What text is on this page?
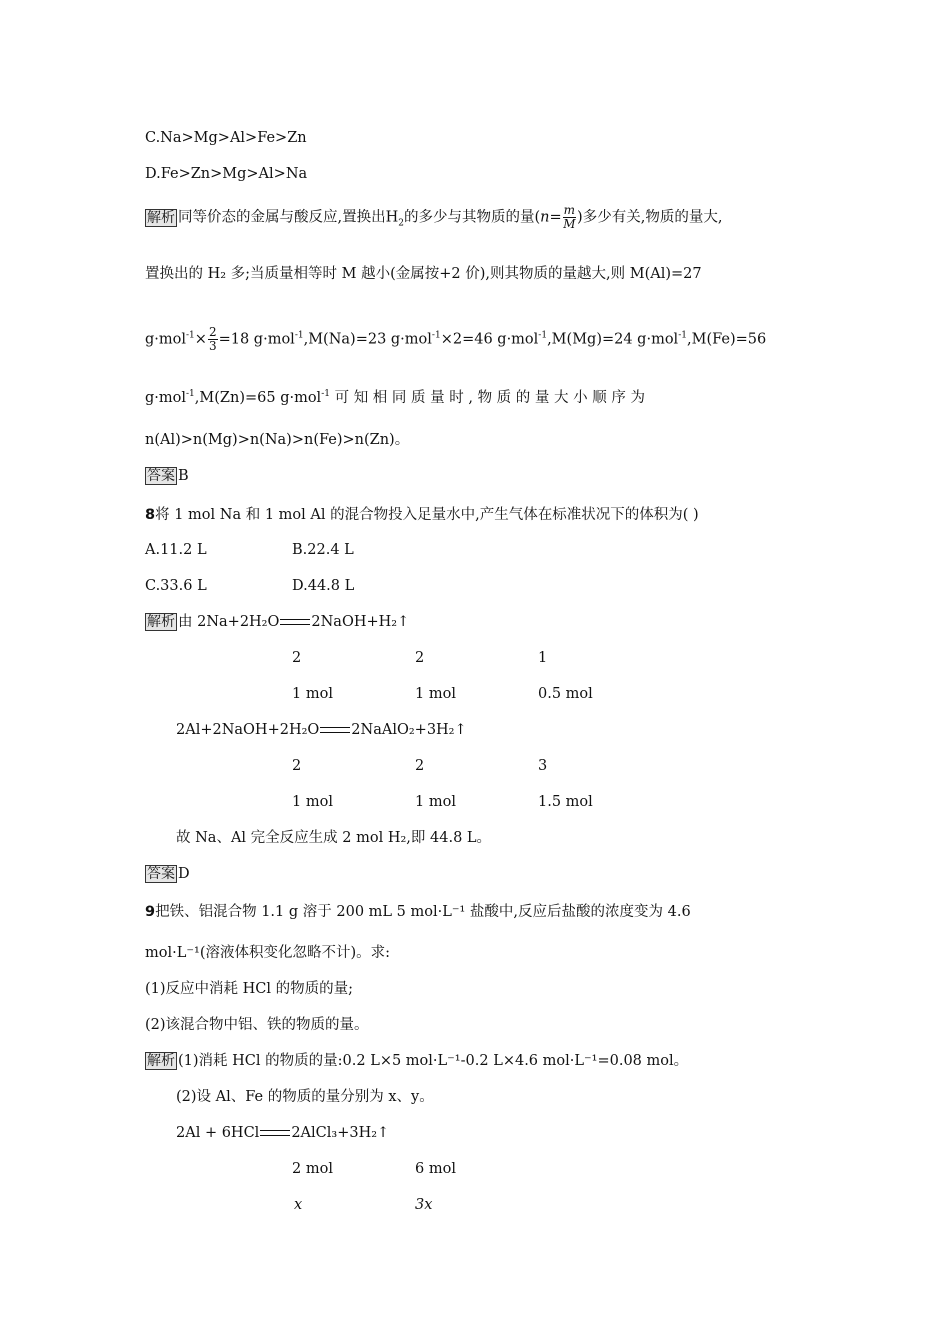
C.Na>Mg>Al>Fe>Zn
D.Fe>Zn>Mg>Al>Na
解析 同等价态的金属与酸反应,置换出$H_2$的多少与其物质的量($n= \frac{m}{M}$ )多少有关,物质的量大,
置换出的 H₂ 多;当质量相等时 M 越小(金属按+2 价),则其物质的量越大,则 M(Al)=27
$g\cdot mol^{-1}\times \frac{2}{3} =18$ g·mol$^{-1}$,M(Na)=23 g·mol$^{-1}$×2=46 g·mol$^{-1}$,M(Mg)=24 g·mol$^{-1}$,M(Fe)=56
g·mol$^{-1}$,M(Zn)=65 g·mol$^{-1}$ 可 知 相 同 质 量 时 , 物 质 的 量 大 小 顺 序 为
n(Al)>n(Mg)>n(Na)>n(Fe)>n(Zn)。
答案 B
8将 1 mol Na 和 1 mol Al 的混合物投入足量水中,产生气体在标准状况下的体积为( )
A.11.2 L	B.22.4 L
C.33.6 L	D.44.8 L
解析 由 2Na+2H₂O 2NaOH+H₂↑
2	2	1
1 mol	1 mol	0.5 mol
2Al+2NaOH+2H₂O 2NaAlO₂+3H₂↑
2	2	3
1 mol	1 mol	1.5 mol
故 Na、Al 完全反应生成 2 mol H₂,即 44.8 L。
答案 D
9把铁、铝混合物 1.1 g 溶于 200 mL 5 mol·L⁻¹ 盐酸中,反应后盐酸的浓度变为 4.6
mol·L⁻¹(溶液体积变化忽略不计)。求:
(1)反应中消耗 HCl 的物质的量;
(2)该混合物中铝、铁的物质的量。
解析 (1)消耗 HCl 的物质的量:0.2 L×5 mol·L⁻¹-0.2 L×4.6 mol·L⁻¹=0.08 mol。
(2)设 Al、Fe 的物质的量分别为 x、y。
2Al + 6HCl 2AlCl₃+3H₂↑
2 mol	6 mol
x	3x
